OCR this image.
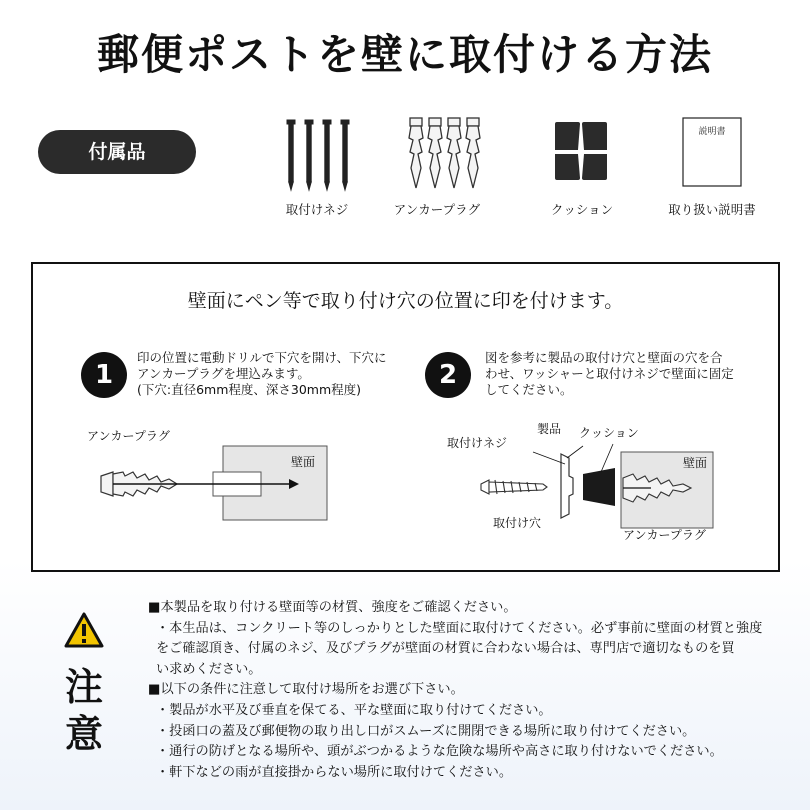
郵便ポストを壁に取付ける方法
付属品
取付けネジ	アンカープラグ	クッション
説明書
取り扱い説明書
壁面にペン等で取り付け穴の位置に印を付けます。
1
印の位置に電動ドリルで下穴を開け、下穴に
アンカープラグを埋込みます。
(下穴:直径6mm程度、深さ30mm程度)
アンカープラグ
壁面
2
図を参考に製品の取付け穴と壁面の穴を合
わせ、ワッシャーと取付けネジで壁面に固定
してください。
取付けネジ
製品 クッション
壁面
取付け穴
アンカープラグ
注
意
■本製品を取り付ける壁面等の材質、強度をご確認ください。
・本生品は、コンクリート等のしっかりとした壁面に取付けてください。必ず事前に壁面の材質と強度
をご確認頂き、付属のネジ、及びプラグが壁面の材質に合わない場合は、専門店で適切なものを買
い求めください。
■以下の条件に注意して取付け場所をお選び下さい。
・製品が水平及び垂直を保てる、平な壁面に取り付けてください。
・投函口の蓋及び郵便物の取り出し口がスムーズに開閉できる場所に取り付けてください。
・通行の防げとなる場所や、頭がぶつかるような危険な場所や高さに取り付けないでください。
・軒下などの雨が直接掛からない場所に取付けてください。
